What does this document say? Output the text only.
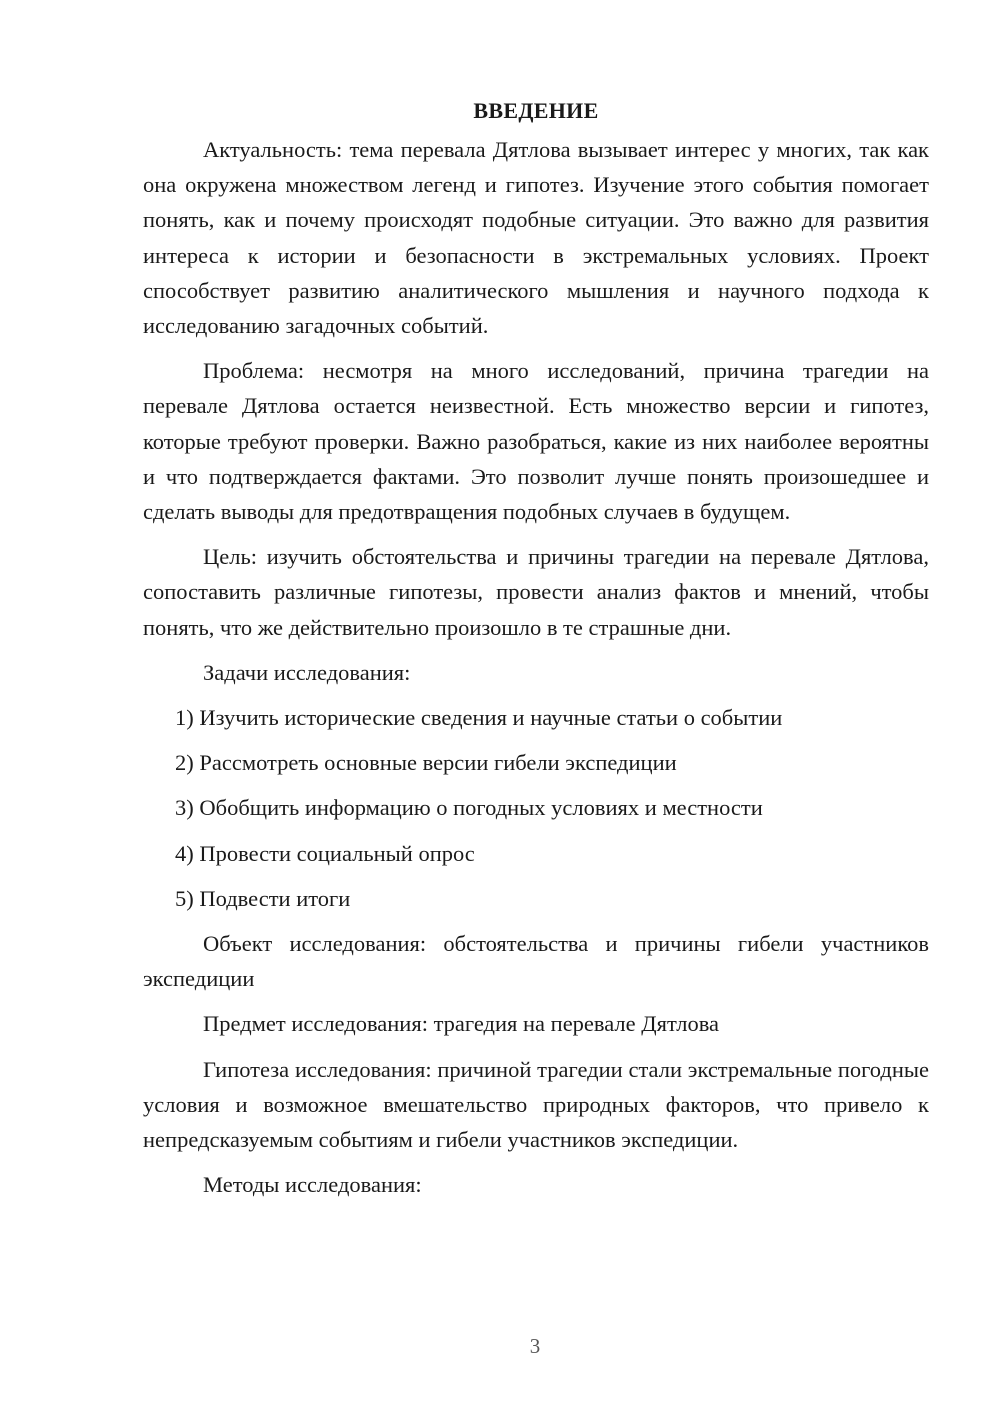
ВВЕДЕНИЕ

Актуальность: тема перевала Дятлова вызывает интерес у многих, так как она окружена множеством легенд и гипотез. Изучение этого события помогает понять, как и почему происходят подобные ситуации. Это важно для развития интереса к истории и безопасности в экстремальных условиях. Проект способствует развитию аналитического мышления и научного подхода к исследованию загадочных событий.

Проблема: несмотря на много исследований, причина трагедии на перевале Дятлова остается неизвестной. Есть множество версии и гипотез, которые требуют проверки. Важно разобраться, какие из них наиболее вероятны и что подтверждается фактами. Это позволит лучше понять произошедшее и сделать выводы для предотвращения подобных случаев в будущем.

Цель: изучить обстоятельства и причины трагедии на перевале Дятлова, сопоставить различные гипотезы, провести анализ фактов и мнений, чтобы понять, что же действительно произошло в те страшные дни.

Задачи исследования:

1) Изучить исторические сведения и научные статьи о событии
2) Рассмотреть основные версии гибели экспедиции
3) Обобщить информацию о погодных условиях и местности
4) Провести социальный опрос
5) Подвести итоги

Объект исследования: обстоятельства и причины гибели участников экспедиции

Предмет исследования: трагедия на перевале Дятлова

Гипотеза исследования: причиной трагедии стали экстремальные погодные условия и возможное вмешательство природных факторов, что привело к непредсказуемым событиям и гибели участников экспедиции.

Методы исследования:

3
